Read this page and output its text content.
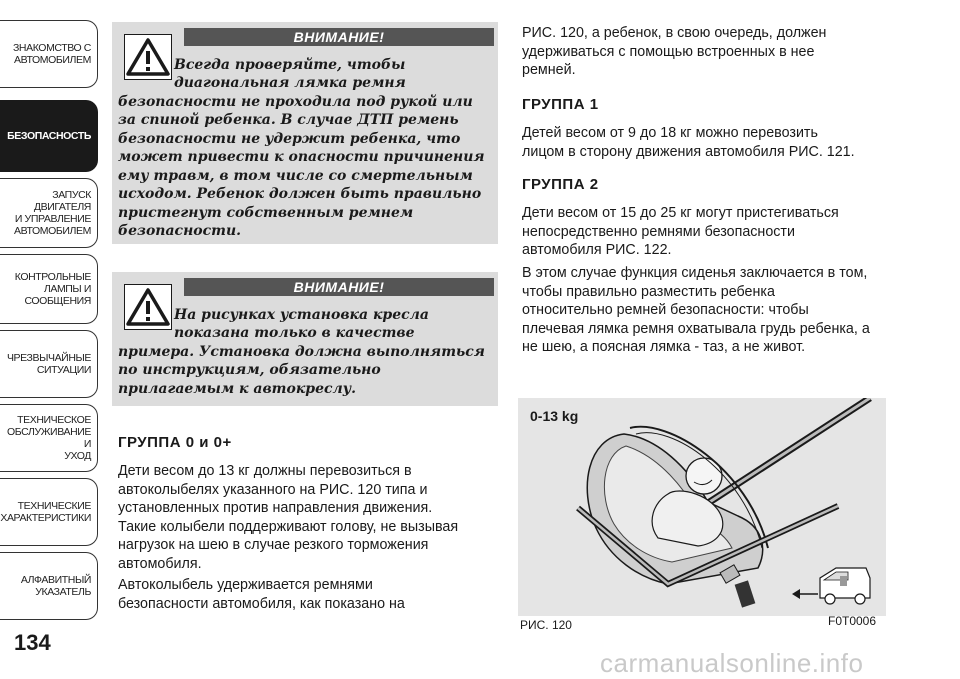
ЗНАКОМСТВО С
АВТОМОБИЛЕМ
БЕЗОПАСНОСТЬ
ЗАПУСК ДВИГАТЕЛЯ
И УПРАВЛЕНИЕ
АВТОМОБИЛЕМ
КОНТРОЛЬНЫЕ
ЛАМПЫ И
СООБЩЕНИЯ
ЧРЕЗВЫЧАЙНЫЕ
СИТУАЦИИ
ТЕХНИЧЕСКОЕ
ОБСЛУЖИВАНИЕ И
УХОД
ТЕХНИЧЕСКИЕ
ХАРАКТЕРИСТИКИ
АЛФАВИТНЫЙ
УКАЗАТЕЛЬ
134
ВНИМАНИЕ!
Всегда проверяйте, чтобы
диагональная лямка ремня
безопасности не проходила под рукой или
за спиной ребенка. В случае ДТП ремень
безопасности не удержит ребенка, что
может привести к опасности причинения
ему травм, в том числе со смертельным
исходом. Ребенок должен быть правильно
пристегнут собственным ремнем
безопасности.
ВНИМАНИЕ!
На рисунках установка кресла
показана только в качестве
примера. Установка должна выполняться
по инструкциям, обязательно
прилагаемым к автокреслу.
ГРУППА 0 и 0+
Дети весом до 13 кг должны перевозиться в
автоколыбелях указанного на РИС. 120 типа и
установленных против направления движения.
Такие колыбели поддерживают голову, не вызывая
нагрузок на шею в случае резкого торможения
автомобиля.
Автоколыбель удерживается ремнями
безопасности автомобиля, как показано на
РИС. 120, а ребенок, в свою очередь, должен
удерживаться с помощью встроенных в нее
ремней.
ГРУППА 1
Детей весом от 9 до 18 кг можно перевозить
лицом в сторону движения автомобиля РИС. 121.
ГРУППА 2
Дети весом от 15 до 25 кг могут пристегиваться
непосредственно ремнями безопасности
автомобиля РИС. 122.
В этом случае функция сиденья заключается в том,
чтобы правильно разместить ребенка
относительно ремней безопасности: чтобы
плечевая лямка ремня охватывала грудь ребенка, а
не шею, а поясная лямка - таз, а не живот.
0-13 kg
РИС. 120	F0T0006
carmanualsonline.info
